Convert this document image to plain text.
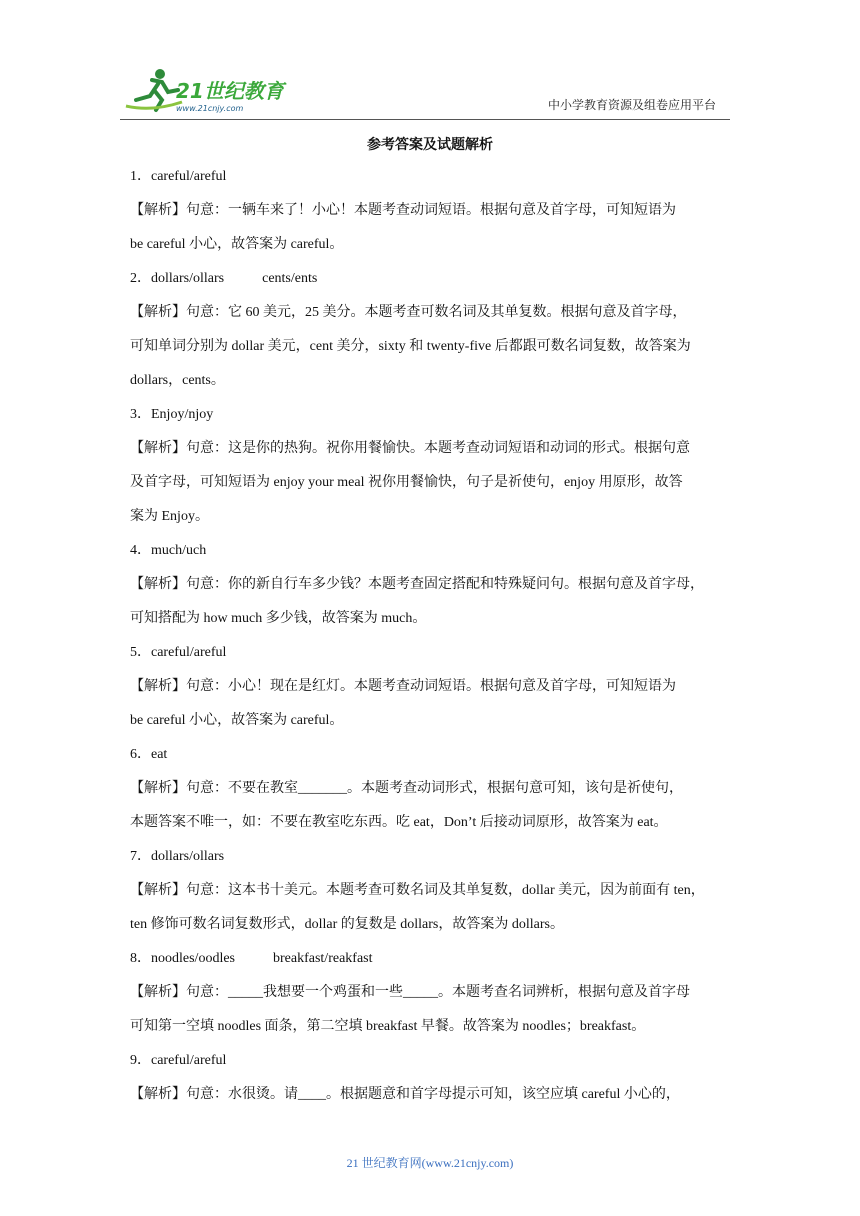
21世纪教育
www.21cnjy.com	中小学教育资源及组卷应用平台
参考答案及试题解析

1．careful/areful

【解析】句意：一辆车来了！小心！本题考查动词短语。根据句意及首字母，可知短语为

be careful 小心，故答案为 careful。

2．dollars/ollars	cents/ents

【解析】句意：它 60 美元，25 美分。本题考查可数名词及其单复数。根据句意及首字母，

可知单词分别为 dollar 美元，cent 美分，sixty 和 twenty-five 后都跟可数名词复数，故答案为

dollars，cents。

3．Enjoy/njoy

【解析】句意：这是你的热狗。祝你用餐愉快。本题考查动词短语和动词的形式。根据句意

及首字母，可知短语为 enjoy your meal 祝你用餐愉快，句子是祈使句，enjoy 用原形，故答

案为 Enjoy。

4．much/uch

【解析】句意：你的新自行车多少钱？本题考查固定搭配和特殊疑问句。根据句意及首字母，

可知搭配为 how much 多少钱，故答案为 much。

5．careful/areful

【解析】句意：小心！现在是红灯。本题考查动词短语。根据句意及首字母，可知短语为

be careful 小心，故答案为 careful。

6．eat

【解析】句意：不要在教室_______。本题考查动词形式，根据句意可知，该句是祈使句，

本题答案不唯一，如：不要在教室吃东西。吃 eat，Don’t 后接动词原形，故答案为 eat。

7．dollars/ollars

【解析】句意：这本书十美元。本题考查可数名词及其单复数，dollar 美元，因为前面有 ten，

ten 修饰可数名词复数形式，dollar 的复数是 dollars，故答案为 dollars。

8．noodles/oodles	breakfast/reakfast

【解析】句意：_____我想要一个鸡蛋和一些_____。本题考查名词辨析，根据句意及首字母

可知第一空填 noodles 面条，第二空填 breakfast 早餐。故答案为 noodles；breakfast。

9．careful/areful

【解析】句意：水很烫。请____。根据题意和首字母提示可知，该空应填 careful 小心的，

21 世纪教育网(www.21cnjy.com)
